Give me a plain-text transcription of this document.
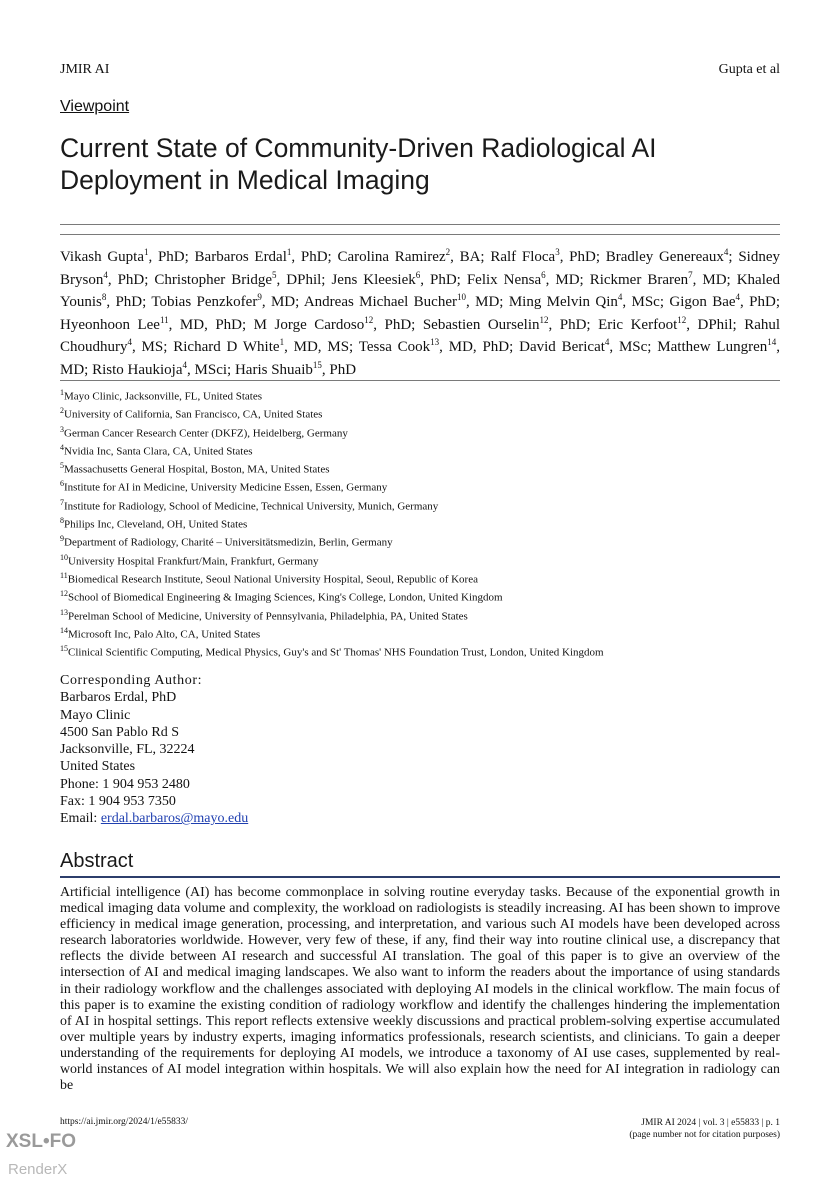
JMIR AI	Gupta et al
Viewpoint
Current State of Community-Driven Radiological AI Deployment in Medical Imaging
Vikash Gupta$^1$, PhD; Barbaros Erdal$^1$, PhD; Carolina Ramirez$^2$, BA; Ralf Floca$^3$, PhD; Bradley Genereaux$^4$; Sidney Bryson$^4$, PhD; Christopher Bridge$^5$, DPhil; Jens Kleesiek$^6$, PhD; Felix Nensa$^6$, MD; Rickmer Braren$^7$, MD; Khaled Younis$^8$, PhD; Tobias Penzkofer$^9$, MD; Andreas Michael Bucher$^{10}$, MD; Ming Melvin Qin$^4$, MSc; Gigon Bae$^4$, PhD; Hyeonhoon Lee$^{11}$, MD, PhD; M Jorge Cardoso$^{12}$, PhD; Sebastien Ourselin$^{12}$, PhD; Eric Kerfoot$^{12}$, DPhil; Rahul Choudhury$^4$, MS; Richard D White$^1$, MD, MS; Tessa Cook$^{13}$, MD, PhD; David Bericat$^4$, MSc; Matthew Lungren$^{14}$, MD; Risto Haukioja$^4$, MSci; Haris Shuaib$^{15}$, PhD
$^1$Mayo Clinic, Jacksonville, FL, United States
$^2$University of California, San Francisco, CA, United States
$^3$German Cancer Research Center (DKFZ), Heidelberg, Germany
$^4$Nvidia Inc, Santa Clara, CA, United States
$^5$Massachusetts General Hospital, Boston, MA, United States
$^6$Institute for AI in Medicine, University Medicine Essen, Essen, Germany
$^7$Institute for Radiology, School of Medicine, Technical University, Munich, Germany
$^8$Philips Inc, Cleveland, OH, United States
$^9$Department of Radiology, Charité – Universitätsmedizin, Berlin, Germany
$^{10}$University Hospital Frankfurt/Main, Frankfurt, Germany
$^{11}$Biomedical Research Institute, Seoul National University Hospital, Seoul, Republic of Korea
$^{12}$School of Biomedical Engineering & Imaging Sciences, King's College, London, United Kingdom
$^{13}$Perelman School of Medicine, University of Pennsylvania, Philadelphia, PA, United States
$^{14}$Microsoft Inc, Palo Alto, CA, United States
$^{15}$Clinical Scientific Computing, Medical Physics, Guy's and St' Thomas' NHS Foundation Trust, London, United Kingdom
Corresponding Author:
Barbaros Erdal, PhD
Mayo Clinic
4500 San Pablo Rd S
Jacksonville, FL, 32224
United States
Phone: 1 904 953 2480
Fax: 1 904 953 7350
Email: erdal.barbaros@mayo.edu
Abstract
Artificial intelligence (AI) has become commonplace in solving routine everyday tasks. Because of the exponential growth in medical imaging data volume and complexity, the workload on radiologists is steadily increasing. AI has been shown to improve efficiency in medical image generation, processing, and interpretation, and various such AI models have been developed across research laboratories worldwide. However, very few of these, if any, find their way into routine clinical use, a discrepancy that reflects the divide between AI research and successful AI translation. The goal of this paper is to give an overview of the intersection of AI and medical imaging landscapes. We also want to inform the readers about the importance of using standards in their radiology workflow and the challenges associated with deploying AI models in the clinical workflow. The main focus of this paper is to examine the existing condition of radiology workflow and identify the challenges hindering the implementation of AI in hospital settings. This report reflects extensive weekly discussions and practical problem-solving expertise accumulated over multiple years by industry experts, imaging informatics professionals, research scientists, and clinicians. To gain a deeper understanding of the requirements for deploying AI models, we introduce a taxonomy of AI use cases, supplemented by real-world instances of AI model integration within hospitals. We will also explain how the need for AI integration in radiology can be
https://ai.jmir.org/2024/1/e55833/	JMIR AI 2024 | vol. 3 | e55833 | p. 1
(page number not for citation purposes)
XSL•FO
RenderX
